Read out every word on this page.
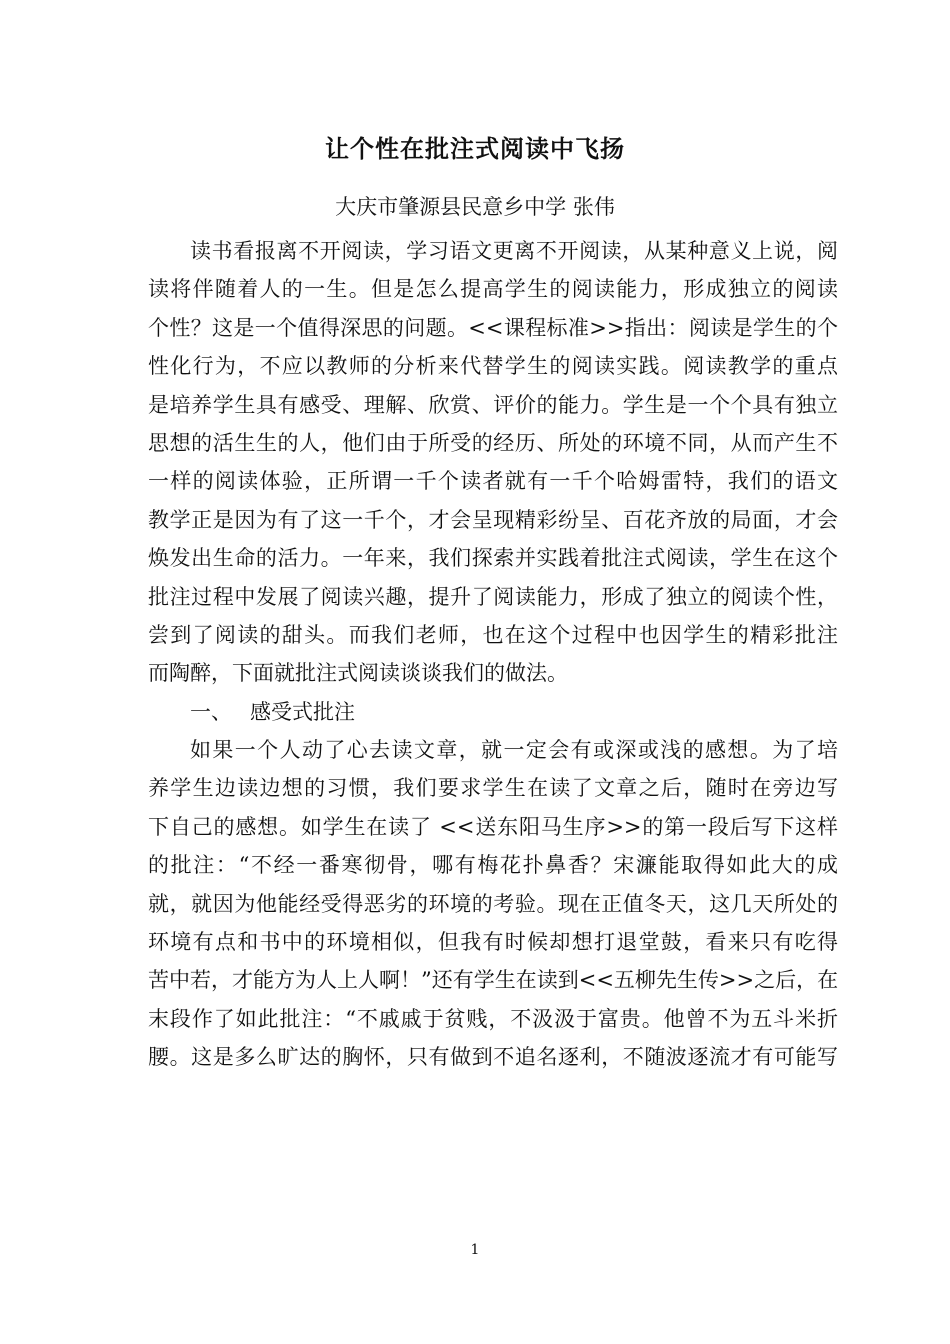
让个性在批注式阅读中飞扬
大庆市肇源县民意乡中学 张伟
读书看报离不开阅读，学习语文更离不开阅读，从某种意义上说，阅
读将伴随着人的一生。但是怎么提高学生的阅读能力，形成独立的阅读
个性？这是一个值得深思的问题。<<课程标准>>指出：阅读是学生的个
性化行为，不应以教师的分析来代替学生的阅读实践。阅读教学的重点
是培养学生具有感受、理解、欣赏、评价的能力。学生是一个个具有独立
思想的活生生的人，他们由于所受的经历、所处的环境不同，从而产生不
一样的阅读体验，正所谓一千个读者就有一千个哈姆雷特，我们的语文
教学正是因为有了这一千个，才会呈现精彩纷呈、百花齐放的局面，才会
焕发出生命的活力。一年来，我们探索并实践着批注式阅读，学生在这个
批注过程中发展了阅读兴趣，提升了阅读能力，形成了独立的阅读个性，
尝到了阅读的甜头。而我们老师，也在这个过程中也因学生的精彩批注
而陶醉，下面就批注式阅读谈谈我们的做法。
一、 感受式批注
如果一个人动了心去读文章，就一定会有或深或浅的感想。为了培
养学生边读边想的习惯，我们要求学生在读了文章之后，随时在旁边写
下自己的感想。如学生在读了 <<送东阳马生序>>的第一段后写下这样
的批注：“不经一番寒彻骨，哪有梅花扑鼻香？宋濂能取得如此大的成
就，就因为他能经受得恶劣的环境的考验。现在正值冬天，这几天所处的
环境有点和书中的环境相似，但我有时候却想打退堂鼓，看来只有吃得
苦中若，才能方为人上人啊！”还有学生在读到<<五柳先生传>>之后，在
末段作了如此批注：“不戚戚于贫贱，不汲汲于富贵。他曾不为五斗米折
腰。这是多么旷达的胸怀，只有做到不追名逐利，不随波逐流才有可能写
1
